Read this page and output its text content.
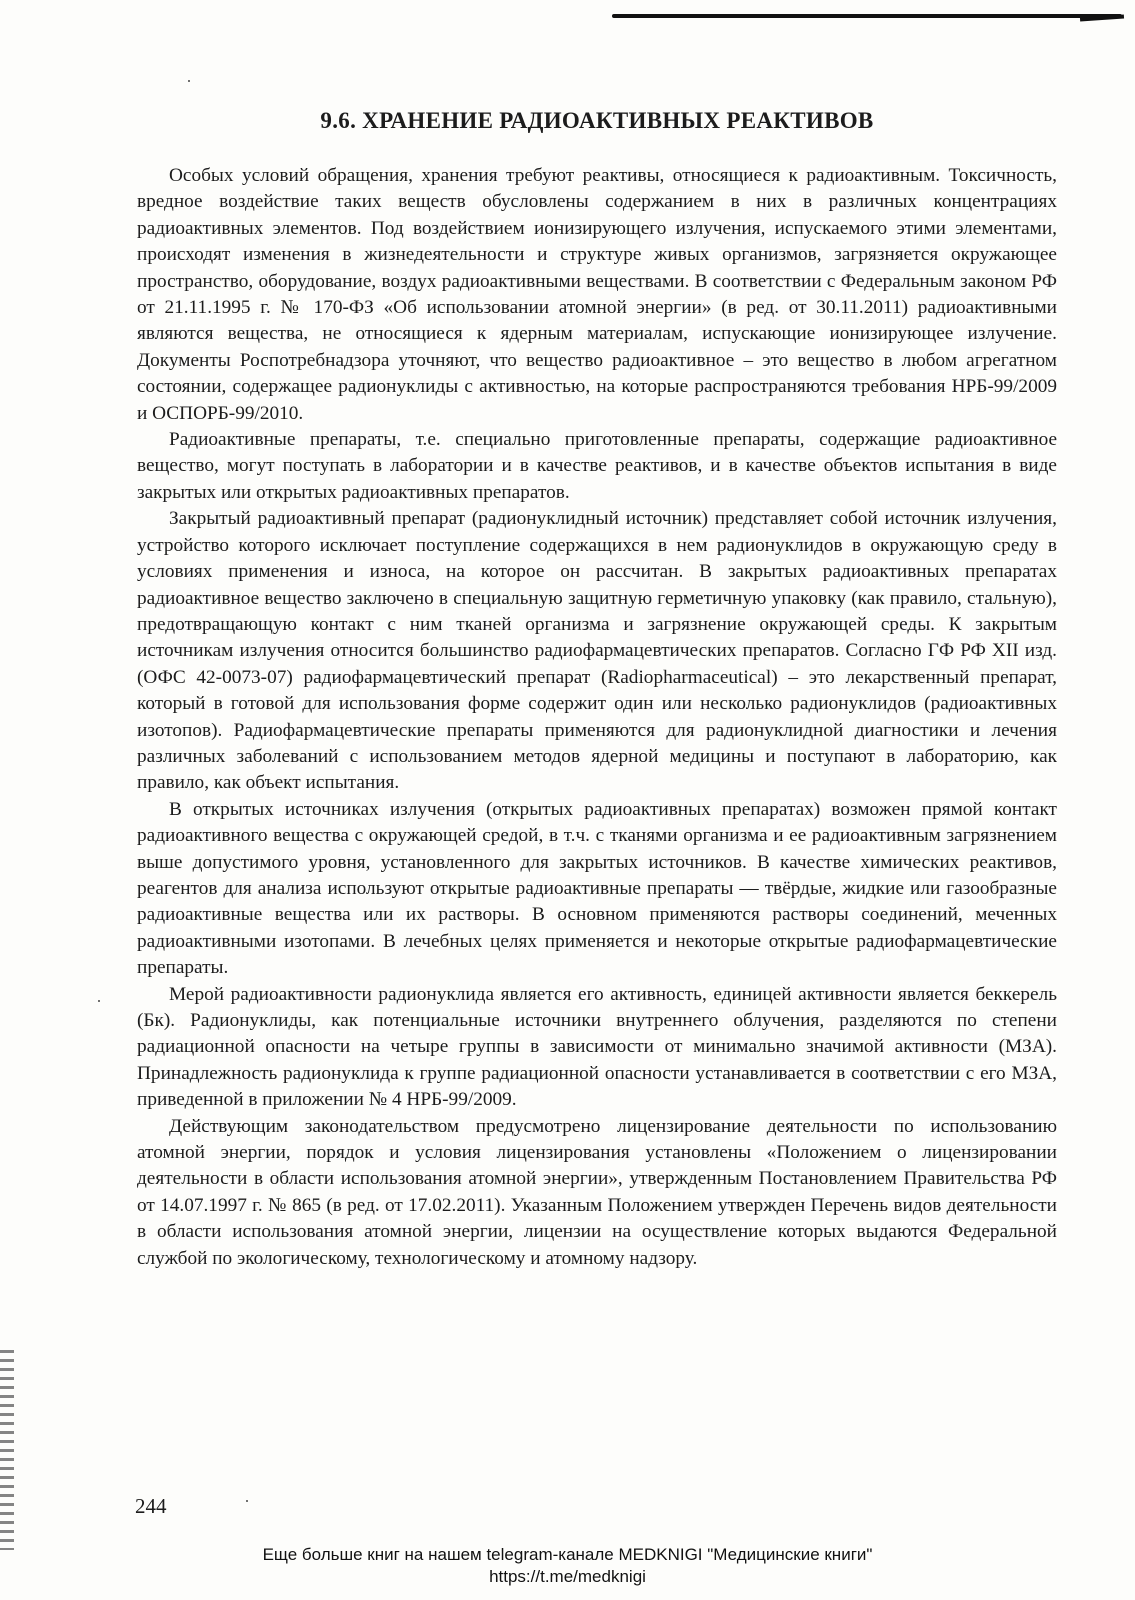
9.6. ХРАНЕНИЕ РАДИОАКТИВНЫХ РЕАКТИВОВ

Особых условий обращения, хранения требуют реактивы, относящиеся к радиоактивным. Токсичность, вредное воздействие таких веществ обусловлены содержанием в них в различных концентрациях радиоактивных элементов. Под воздействием ионизирующего излучения, испускаемого этими элементами, происходят изменения в жизнедеятельности и структуре живых организмов, загрязняется окружающее пространство, оборудование, воздух радиоактивными веществами. В соответствии с Федеральным законом РФ от 21.11.1995 г. № 170-ФЗ «Об использовании атомной энергии» (в ред. от 30.11.2011) радиоактивными являются вещества, не относящиеся к ядерным материалам, испускающие ионизирующее излучение. Документы Роспотребнадзора уточняют, что вещество радиоактивное – это вещество в любом агрегатном состоянии, содержащее радионуклиды с активностью, на которые распространяются требования НРБ-99/2009 и ОСПОРБ-99/2010.

Радиоактивные препараты, т.е. специально приготовленные препараты, содержащие радиоактивное вещество, могут поступать в лаборатории и в качестве реактивов, и в качестве объектов испытания в виде закрытых или открытых радиоактивных препаратов.

Закрытый радиоактивный препарат (радионуклидный источник) представляет собой источник излучения, устройство которого исключает поступление содержащихся в нем радионуклидов в окружающую среду в условиях применения и износа, на которое он рассчитан. В закрытых радиоактивных препаратах радиоактивное вещество заключено в специальную защитную герметичную упаковку (как правило, стальную), предотвращающую контакт с ним тканей организма и загрязнение окружающей среды. К закрытым источникам излучения относится большинство радиофармацевтических препаратов. Согласно ГФ РФ XII изд. (ОФС 42-0073-07) радиофармацевтический препарат (Radiopharmaceutical) – это лекарственный препарат, который в готовой для использования форме содержит один или несколько радионуклидов (радиоактивных изотопов). Радиофармацевтические препараты применяются для радионуклидной диагностики и лечения различных заболеваний с использованием методов ядерной медицины и поступают в лабораторию, как правило, как объект испытания.

В открытых источниках излучения (открытых радиоактивных препаратах) возможен прямой контакт радиоактивного вещества с окружающей средой, в т.ч. с тканями организма и ее радиоактивным загрязнением выше допустимого уровня, установленного для закрытых источников. В качестве химических реактивов, реагентов для анализа используют открытые радиоактивные препараты — твёрдые, жидкие или газообразные радиоактивные вещества или их растворы. В основном применяются растворы соединений, меченных радиоактивными изотопами. В лечебных целях применяется и некоторые открытые радиофармацевтические препараты.

Мерой радиоактивности радионуклида является его активность, единицей активности является беккерель (Бк). Радионуклиды, как потенциальные источники внутреннего облучения, разделяются по степени радиационной опасности на четыре группы в зависимости от минимально значимой активности (МЗА). Принадлежность радионуклида к группе радиационной опасности устанавливается в соответствии с его МЗА, приведенной в приложении № 4 НРБ-99/2009.

Действующим законодательством предусмотрено лицензирование деятельности по использованию атомной энергии, порядок и условия лицензирования установлены «Положением о лицензировании деятельности в области использования атомной энергии», утвержденным Постановлением Правительства РФ от 14.07.1997 г. № 865 (в ред. от 17.02.2011). Указанным Положением утвержден Перечень видов деятельности в области использования атомной энергии, лицензии на осуществление которых выдаются Федеральной службой по экологическому, технологическому и атомному надзору.

244
Еще больше книг на нашем telegram-канале MEDKNIGI "Медицинские книги"
https://t.me/medknigi
